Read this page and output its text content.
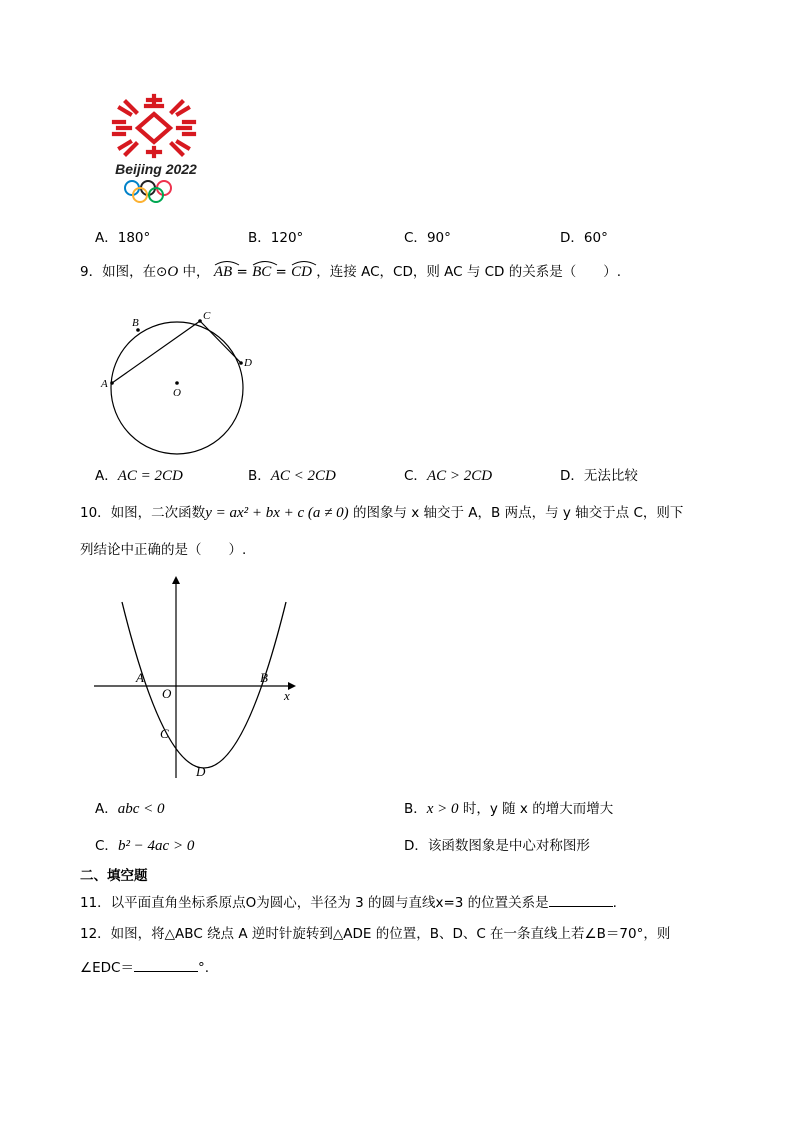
Beijing 2022
A．180°	B．120°	C．90°	D．60°
9．如图，在⊙O 中， AB = BC = CD ，连接 AC，CD，则 AC 与 CD 的关系是（　　）.
A
B
C
D
O
A．AC = 2CD	B．AC < 2CD	C．AC > 2CD	D．无法比较
10．如图，二次函数y = ax² + bx + c (a ≠ 0) 的图象与 x 轴交于 A，B 两点，与 y 轴交于点 C，则下
列结论中正确的是（　　）.
A
O
B
x
C
D
A．abc < 0	B．x > 0 时，y 随 x 的增大而增大
C．b² − 4ac > 0	D．该函数图象是中心对称图形
二、填空题
11．以平面直角坐标系原点O为圆心，半径为 3 的圆与直线x=3 的位置关系是	.
12．如图，将△ABC 绕点 A 逆时针旋转到△ADE 的位置，B、D、C 在一条直线上若∠B＝70°，则
∠EDC＝	°.
